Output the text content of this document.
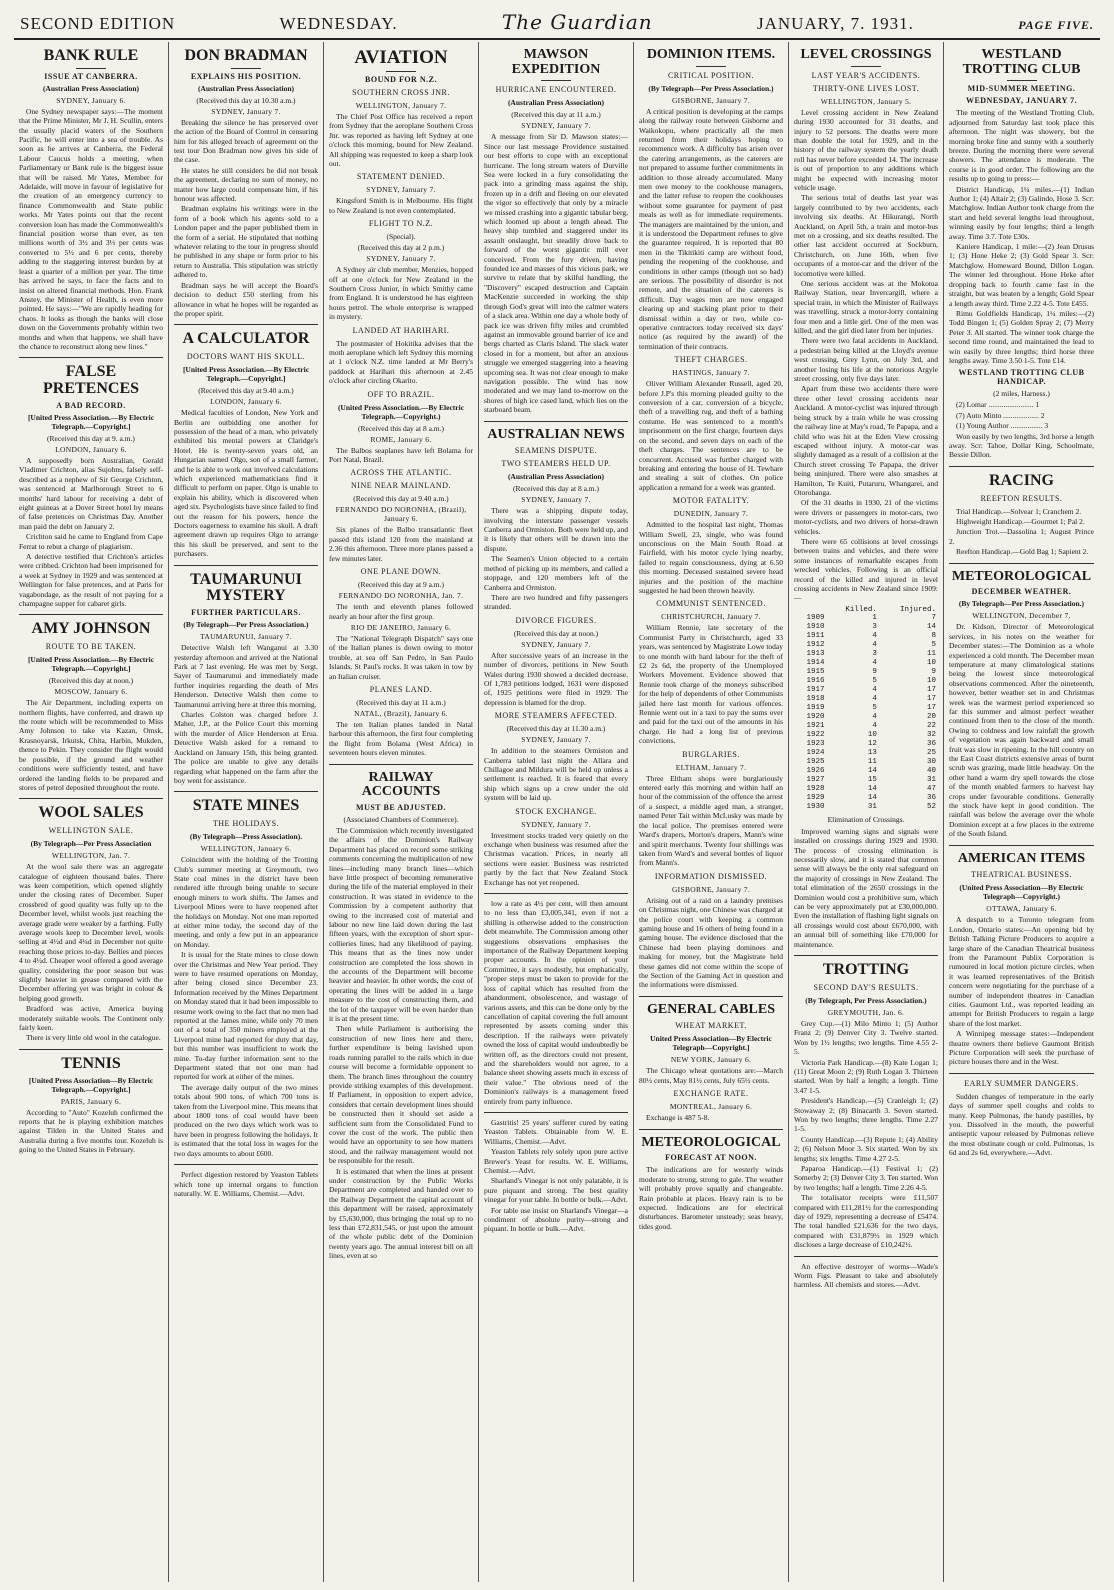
SECOND EDITION	WEDNESDAY.	The Guardian	JANUARY, 7. 1931.	PAGE FIVE.
BANK RULE
ISSUE AT CANBERRA.
(Australian Press Association)
SYDNEY, January 6.

One Sydney newspaper says:—The moment that the Prime Minister, Mr J. H. Scullin, enters the usually placid waters of the Southern Pacific, he will enter into a sea of trouble. As soon as he arrives at Canberra, the Federal Labour Caucus holds a meeting, when Parliamentary or Bank rule is the biggest issue that will be raised. Mr Yates, Member for Adelaide, will move in favour of legislative for the creation of an emergency currency to finance Commonwealth and State public works. Mr Yates points out that the recent conversion loan has made the Commonwealth's financial position worse than ever, as ten millions worth of 3½ and 3⅓ per cents was converted to 5½ and 6 per cents, thereby adding to the staggering interest burden by at least a quarter of a million per year. The time has arrived he says, to face the facts and to insist on altered financial methods. Hon. Frank Anstey, the Minister of Health, is even more pointed. He says:—"We are rapidly heading for chaos. It looks as though the banks will close down on the Governments probably within two months and when that happens, we shall have the chance to reconstruct along new lines."

FALSE PRETENCES
A BAD RECORD.
[United Press Association.—By Electric Telegraph.—Copyright.]
(Received this day at 9. a.m.)
LONDON, January 6.

A supposedly born Australian, Gerald Vladimer Crichton, alias Sujohns, falsely self-described as a nephew of Sir George Crichton, was sentenced at Marlborough Street to 6 months' hard labour for receiving a debt of eight guineas at a Dover Street hotel by means of false pretences on Christmas Day. Another man paid the debt on January 2.

Crichton said he came to England from Cape Ferrat to rebut a charge of plagiarism.

A detective testified that Crichton's articles were cribbed. Crichton had been imprisoned for a week at Sydney in 1929 and was sentenced at Wellington for false pretences, and at Paris for vagabondage, as the result of not paying for a champagne supper for cabaret girls.

AMY JOHNSON
ROUTE TO BE TAKEN.
[United Press Association.—By Electric Telegraph.—Copyright.]
(Received this day at noon.)
MOSCOW, January 6.

The Air Department, including experts on northern flights, have conferred, and drawn up the route which will be recommended to Miss Amy Johnson to take via Kazan, Omsk, Krasnoyarsk, Irkutsk, Chita, Harbin, Mukden, thence to Pekin. They consider the flight would be possible, if the ground and weather conditions were sufficiently tested, and have ordered the landing fields to be prepared and stores of petrol deposited throughout the route.

WOOL SALES
WELLINGTON SALE.
(By Telegraph—Per Press Association
WELLINGTON, Jan. 7.

At the wool sale there was an aggregate catalogue of eighteen thousand bales. There was keen competition, which opened slightly under the closing rates of December. Super crossbred of good quality was fully up to the December level, whilst wools just reaching the average grade were weaker by a farthing. Fully average wools keep to December level, wools selling at 4½d and 4¼d in December not quite reaching those prices to-day. Bellies and pieces 4 to 4½d. Cheaper wool offered a good average quality, considering the poor season but was slightly heavier in grease compared with the December offering yet was bright in colour & helping good growth.

Bradford was active, America buying moderately suitable wools. The Continent only fairly keen.

There is very little old wool in the catalogue.

TENNIS
[United Press Association—By Electric Telegraph.—Copyright.]
PARIS, January 6.

According to "Auto" Kozeluh confirmed the reports that he is playing exhibition matches against Tilden in the United States and Australia during a five months tour. Kozeluh is going to the United States in February.

DON BRADMAN
EXPLAINS HIS POSITION.
(Australian Press Association)
(Received this day at 10.30 a.m.)
SYDNEY, January 7.

Breaking the silence he has preserved over the action of the Board of Control in censuring him for his alleged breach of agreement on the test tour Don Bradman now gives his side of the case.

He states he still considers he did not break the agreement, declaring no sum of money, no matter how large could compensate him, if his honour was affected.

Bradman explains his writings were in the form of a book which his agents sold to a London paper and the paper published them in the form of a serial. He stipulated that nothing whatever relating to the tour in progress should be published in any shape or form prior to his return to Australia. This stipulation was strictly adhered to.

Bradman says he will accept the Board's decision to deduct £50 sterling from his allowance in what he hopes will be regarded as the proper spirit.

A CALCULATOR
DOCTORS WANT HIS SKULL.
[United Press Association.—By Electric Telegraph.—Copyright.]
(Received this day at 9.40 a.m.)
LONDON, January 6.

Medical faculties of London, New York and Berlin are outbidding one another for possession of the head of a man, who privately exhibited his mental powers at Claridge's Hotel. He is twenty-seven years old, an Hungarian named Olgo, son of a small farmer, and he is able to work out involved calculations which experienced mathematicians find it difficult to perform on paper. Olgo is unable to explain his ability, which is discovered when aged six. Psychologists have since failed to find out the reason for his powers, hence the Doctors eagerness to examine his skull. A draft agreement drawn up requires Olgo to arrange this his skull be preserved, and sent to the purchasers.

TAUMARUNUI MYSTERY
FURTHER PARTICULARS.
(By Telegraph—Per Press Association.)
TAUMARUNUI, January 7.

Detective Walsh left Wanganui at 3.30 yesterday afternoon and arrived at the National Park at 7 last evening. He was met by Sergt. Sayer of Taumarunui and immediately made further inquiries regarding the death of Mrs Henderson. Detective Walsh then come to Taumarunui arriving here at three this morning.

Charles Colston was charged before J. Maher, J.P., at the Police Court this morning with the murder of Alice Henderson at Erua. Detective Walsh asked for a remand to Auckland on January 15th, this being granted. The police are unable to give any details regarding what happened on the farm after the boy went for assistance.

STATE MINES
THE HOLIDAYS.
(By Telegraph—Press Association).
WELLINGTON, January 6.

Coincident with the holding of the Trotting Club's summer meeting at Greymouth, two State coal mines in the district have been rendered idle through being unable to secure enough miners to work shifts. The James and Liverpool Mines were to have reopened after the holidays on Monday. Not one man reported at either mine today, the second day of the meeting, and only a few put in an appearance on Monday.

It is usual for the State mines to close down over the Christmas and New Year period. They were to have resumed operations on Monday, after being closed since December 23. Information received by the Mines Department on Monday stated that it had been impossible to resume work owing to the fact that no men had reported at the James mine, while only 70 men out of a total of 350 miners employed at the Liverpool mine had reported for duty that day, but this number was insufficient to work the mine. To-day further information sent to the Department stated that not one man had reported for work at either of the mines.

The average daily output of the two mines totals about 900 tons, of which 700 tons is taken from the Liverpool mine. This means that about 1800 tons of coal would have been produced on the two days which work was to have been in progress following the holidays. It is estimated that the total loss in wages for the two days amounts to about £600.

Perfect digestion restored by Yeaston Tablets which tone up internal organs to function naturally. W. E. Williams, Chemist.—Advt.

AVIATION
BOUND FOR N.Z.
SOUTHERN CROSS JNR.
WELLINGTON, January 7.

The Chief Post Office has received a report from Sydney that the aeroplane Southern Cross Jnr. was reported as having left Sydney at one o'clock this morning, bound for New Zealand. All shipping was requested to keep a sharp look out.

STATEMENT DENIED.
SYDNEY, January 7.

Kingsford Smith is in Melbourne. His flight to New Zealand is not even contemplated.

FLIGHT TO N.Z.
(Special).
(Received this day at 2 p.m.)
SYDNEY, January 7.

A Sydney air club member, Menzies, hopped off at one o'clock for New Zealand in the Southern Cross Junior, in which Smithy came from England. It is understood he has eighteen hours petrol. The whole enterprise is wrapped in mystery.

LANDED AT HARIHARI.

The postmaster of Hokitika advises that the moth aeroplane which left Sydney this morning at 1 o'clock N.Z. time landed at Mr Berry's paddock at Harihari this afternoon at 2.45 o'clock after circling Okarito.

OFF TO BRAZIL.
(United Press Association.—By Electric Telegraph.—Copyright.)
(Received this day at 8 a.m.)
ROME, January 6.

The Balbos seaplanes have left Bolama for Port Natal, Brazil.

ACROSS THE ATLANTIC.
NINE NEAR MAINLAND.
(Received this day at 9.40 a.m.)
FERNANDO DO NORONHA, (Brazil), January 6.

Six planes of the Balbo transatlantic fleet passed this island 120 from the mainland at 2.36 this afternoon. Three more planes passed a few minutes later.

ONE PLANE DOWN.
(Received this day at 9 a.m.)
FERNANDO DO NORONHA, Jan. 7.

The tenth and eleventh planes followed nearly an hour after the first group.

RIO DE JANEIRO, January 6.

The "National Telegraph Dispatch" says one of the Italian planes is down owing to motor trouble, at sea off San Pedro, in San Paulo Islands, St Paul's rocks. It was taken in tow by an Italian cruiser.

PLANES LAND.
(Received this day at 11 a.m.)
NATAL, (Brazil), January 6.

The ten Italian planes landed in Natal harbour this afternoon, the first four completing the flight from Bolama (West Africa) in seventeen hours eleven minutes.

RAILWAY ACCOUNTS
MUST BE ADJUSTED.
(Associated Chambers of Commerce).

The Commission which recently investigated the affairs of the Dominion's Railway Department has placed on record some striking comments concerning the multiplication of new lines—including many branch lines—which have little prospect of becoming remunerative during the life of the material employed in their construction. It was stated in evidence to the Commission by a competent authority that owing to the increased cost of material and labour no new line laid down during the last fifteen years, with the exception of short spur-collieries lines, had any likelihood of paying. This means that as the lines now under construction are completed the loss shown in the accounts of the Department will become heavier and heavier. In other words, the cost of operating the lines will be added in a large measure to the cost of constructing them, and the lot of the taxpayer will be even harder than it is at the present time.

Then while Parliament is authorising the construction of new lines here and there, further expenditure is being lavished upon roads running parallel to the rails which in due course will become a formidable opponent to them. The branch lines throughout the country provide striking examples of this development. If Parliament, in opposition to expert advice, considers that certain development lines should be constructed then it should set aside a sufficient sum from the Consolidated Fund to cover the cost of the work. The public then would have an opportunity to see how matters stood, and the railway management would not be responsible for the result.

It is estimated that when the lines at present under construction by the Public Works Department are completed and handed over to the Railway Department the capital account of this department will be raised, approximately by £5,630,000, thus bringing the total up to no less than £72,831,545, or just upon the amount of the whole public debt of the Dominion twenty years ago. The annual interest bill on all lines, even at so

MAWSON EXPEDITION
HURRICANE ENCOUNTERED.
(Australian Press Association)
(Received this day at 11 a.m.)
SYDNEY, January 7.

A message from Sir D. Mawson states:—Since our last message Providence sustained our best efforts to cope with an exceptional hurricane. The long stream waters of Durville Sea were locked in a fury consolidating the pack into a grinding mass against the ship, frozen up in a drift and fleeing on our elevated the vigor so effectively that only by a miracle we missed crashing into a gigantic tabular berg, which loomed up about a length ahead. The heavy ship tumbled and staggered under its assault onslaught, but steadily drove back to forward of the worst gigantic mill ever conceived. From the fury driven, having founded ice and masses of this vicious park, we survive to relate that by skilful handling, the "Discovery" escaped destruction and Captain MacKenzie succeeded in working the ship through God's great will into the calmer waters of a slack area. Within one day a whole body of pack ice was driven fifty miles and crumbled against an immovable ground barrier of ice and bergs charted as Claris Island. The slack water closed in for a moment, but after an anxious struggle we emerged staggering into a heaving upcoming sea. It was not clear enough to make navigation possible. The wind has now moderated and we may land to-morrow on the shores of high ice cased land, which lies on the starboard beam.

AUSTRALIAN NEWS
SEAMENS DISPUTE.
TWO STEAMERS HELD UP.
(Australian Press Association)
(Received this day at 8 a.m.)
SYDNEY, January 7.

There was a shipping dispute today, involving the interstate passenger vessels Canberra and Ormiston. Both were held up, and it is likely that others will be drawn into the dispute.

The Seamen's Union objected to a certain method of picking up its members, and called a stoppage, and 120 members left of the Canberra and Ormiston.

There are two hundred and fifty passengers stranded.

DIVORCE FIGURES.
(Received this day at noon.)
SYDNEY, January 7.

After successive years of an increase in the number of divorces, petitions in New South Wales during 1930 showed a decided decrease. Of 1,783 petitions lodged, 1631 were disposed of, 1925 petitions were filed in 1929. The depression is blamed for the drop.

MORE STEAMERS AFFECTED.
(Received this day at 11.30 a.m.)
SYDNEY, January 7.

In addition to the steamers Ormiston and Canberra tabled last night the Allara and Chillagoe and Mildura will be held up unless a settlement is reached. It is feared that every ship which signs up a crew under the old system will be laid up.

STOCK EXCHANGE.
SYDNEY, January 7.

Investment stocks traded very quietly on the exchange when business was resumed after the Christmas vacation. Prices, in nearly all sections were easier. Business was restricted partly by the fact that New Zealand Stock Exchange has not yet reopened.

low a rate as 4½ per cent, will then amount to no less than £3,005,341, even if not a shilling is otherwise added to the construction debt meanwhile. The Commission among other suggestions observations emphasises the importance of the Railway Department keeping proper accounts. In the opinion of your Committee, it says modestly, but emphatically, "proper steps must be taken to provide for the loss of capital which has resulted from the abandonment, obsolescence, and wastage of various assets, and this can be done only by the cancellation of capital covering the full amount represented by assets coming under this description. If the railways were privately owned the loss of capital would undoubtedly be written off, as the directors could not present, and the shareholders would not agree, to a balance sheet showing assets much in excess of their value." The obvious need of the Dominion's railways is a management freed entirely from party influence.

Gastritis! 25 years' sufferer cured by eating Yeaston Tablets. Obtainable from W. E. Williams, Chemist.—Advt.

Yeaston Tablets rely solely upon pure active Brewer's Yeast for results. W. E. Williams, Chemist.—Advt.

Sharland's Vinegar is not only palatable, it is pure piquant and strong. The best quality vinegar for your table. In bottle or bulk.—Advt.

For table use insist on Sharland's Vinegar—a condiment of absolute purity—strong and piquant. In bottle or bulk.—Advt.

DOMINION ITEMS.
CRITICAL POSITION.
(By Telegraph—Per Press Association.)
GISBORNE, January 7.

A critical position is developing at the camps along the railway route between Gisborne and Waikokopu, where practically all the men returned from their holidays hoping to recommence work. A difficulty has arisen over the catering arrangements, as the caterers are not prepared to assume further commitments in addition to those already accumulated. Many men owe money to the cookhouse managers, and the latter refuse to reopen the cookhouses without some guarantee for payment of past meals as well as for immediate requirements. The managers are maintained by the union, and it is understood the Department refuses to give the guarantee required. It is reported that 80 men in the Tikitikiti camp are without food, pending the reopening of the cookhouse, and conditions in other camps (though not so bad) are serious. The possibility of disorder is not remote, and the situation of the caterers is difficult. Day wages men are now engaged clearing up and stacking plant prior to their dismissal within a day or two, while co-operative contractors today received six days' notice (as required by the award) of the termination of their contracts.

THEFT CHARGES.
HASTINGS, January 7.

Oliver William Alexander Russell, aged 20, before J.P's this morning pleaded guilty to the conversion of a car, conversion of a bicycle, theft of a travelling rug, and theft of a bathing costume. He was sentenced to a month's imprisonment on the first charge, fourteen days on the second, and seven days on each of the theft charges. The sentences are to be concurrent. Accused was further charged with breaking and entering the house of H. Tewhare and stealing a suit of clothes. On police application a remand for a week was granted.

MOTOR FATALITY.
DUNEDIN, January 7.

Admitted to the hospital last night, Thomas William Swell, 23, single, who was found unconscious on the Main South Road at Fairfield, with his motor cycle lying nearby, failed to regain consciousness, dying at 6.50 this morning. Deceased sustained severe head injuries and the position of the machine suggested he had been thrown heavily.

COMMUNIST SENTENCED.
CHRISTCHURCH, January 7.

William Rennie, late secretary of the Communist Party in Christchurch, aged 33 years, was sentenced by Magistrate Lowe today to one month with hard labour for the theft of £2 2s 6d, the property of the Unemployed Workers Movement. Evidence showed that Rennie took charge of the moneys subscribed for the help of dependents of other Communists jailed here last month for various offences. Rennie went out in a taxi to pay the sums over and paid for the taxi out of the amounts in his charge. He had a long list of previous convictions.

BURGLARIES.
ELTHAM, January 7.

Three Eltham shops were burglariously entered early this morning and within half an hour of the commission of the offence the arrest of a suspect, a middle aged man, a stranger, named Peter Tait within McLusky was made by the local police. The premises entered were Ward's drapers, Morton's drapers, Mann's wine and spirit merchants. Twenty four shillings was taken from Ward's and several bottles of liquor from Mann's.

INFORMATION DISMISSED.
GISBORNE, January 7.

Arising out of a raid on a laundry premises on Christmas night, one Chinese was charged at the police court with keeping a common gaming house and 16 others of being found in a gaming house. The evidence disclosed that the Chinese had been playing dominoes and making for money, but the Magistrate held these games did not come within the scope of the Section of the Gaming Act in question and the informations were dismissed.

GENERAL CABLES
WHEAT MARKET.
United Press Association—By Electric Telegraph—Copyright.]
NEW YORK, January 6.

The Chicago wheat quotations are:—March 80½ cents, May 81½ cents, July 65½ cents.

EXCHANGE RATE.
MONTREAL, January 6.

Exchange is 487 5-8.

METEOROLOGICAL
FORECAST AT NOON.

The indications are for westerly winds moderate to strong, strong to gale. The weather will probably prove squally and changeable. Rain probable at places. Heavy rain is to be expected. Indications are for electrical disturbances. Barometer unsteady; seas heavy, tides good.

LEVEL CROSSINGS
LAST YEAR'S ACCIDENTS.
THIRTY-ONE LIVES LOST.
WELLINGTON, January 5.

Level crossing accident in New Zealand during 1930 accounted for 31 deaths, and injury to 52 persons. The deaths were more than double the total for 1929, and in the history of the railway system the yearly death roll has never before exceeded 14. The increase is out of proportion to any additions which might be expected with increasing motor vehicle usage.

The serious total of deaths last year was largely contributed to by two accidents, each involving six deaths. At Hikurangi, North Auckland, on April 5th, a train and motor-bus met on a crossing, and six deaths resulted. The other last accident occurred at Sockburn, Christchurch, on June 16th, when five occupants of a motor-car and the driver of the locomotive were killed.

One serious accident was at the Mokotua Railway Station, near Invercargill, where a special train, in which the Minister of Railways was travelling, struck a motor-lorry containing four men and a little girl. One of the men was killed, and the girl died later from her injuries.

There were two fatal accidents in Auckland, a pedestrian being killed at the Lloyd's avenue west crossing, Grey Lynn, on July 3rd, and another losing his life at the notorious Argyle street crossing, only five days later.

Apart from these two accidents there were three other level crossing accidents near Auckland. A motor-cyclist was injured through being struck by a train while he was crossing the railway line at May's road, Te Papapa, and a child who was hit at the Eden View crossing escaped without injury. A motor-car was slightly damaged as a result of a collision at the Church street crossing Te Papapa, the driver being uninjured. There were also smashes at Hamilton, Te Kuiti, Putaruru, Whangarei, and Otorohanga.

Of the 31 deaths in 1930, 21 of the victims were drivers or passengers in motor-cars, two motor-cyclists, and two drivers of horse-drawn vehicles.

There were 65 collisions at level crossings between trains and vehicles, and there were some instances of remarkable escapes from wrecked vehicles. Following is an official record of the killed and injured in level crossing accidents in New Zealand since 1909:—

	Killed.	Injured.
1909	1	7
1910	3	14
1911	4	8
1912	4	5
1913	3	11
1914	4	10
1915	9	9
1916	5	10
1917	4	17
1918	4	17
1919	5	17
1920	4	20
1921	4	22
1922	10	32
1923	12	36
1924	13	25
1925	11	30
1926	14	40
1927	15	31
1928	14	47
1929	14	36
1930	31	52
Elimination of Crossings.

Improved warning signs and signals were installed on crossings during 1929 and 1930. The process of crossing elimination is necessarily slow, and it is stated that common sense will always be the only real safeguard on the majority of crossings in New Zealand. The total elimination of the 2650 crossings in the Dominion would cost a prohibitive sum, which can be very approximately put at £30,000,000. Even the installation of flashing light signals on all crossings would cost about £670,000, with an annual bill of something like £70,000 for maintenance.

TROTTING
SECOND DAY'S RESULTS.
(By Telegraph, Per Press Association.)
GREYMOUTH, Jan. 6.

Grey Cup.—(1) Milo Minto 1; (5) Author Franz 2; (9) Denver City 3. Twelve started. Won by 1½ lengths; two lengths. Time 4.55 2-5.

Victoria Park Handicap.—(8) Kate Logan 1; (11) Great Moon 2; (9) Ruth Logan 3. Thirteen started. Won by half a length; a length. Time 3.47 1-5.

President's Handicap.—(5) Cranleigh 1; (2) Stowaway 2; (8) Binacarth 3. Seven started. Won by two lengths; three lengths. Time 2.27 1-5.

County Handicap.—(3) Repute 1; (4) Ability 2; (6) Nelson Moor 3. Six started. Won by six lengths; six lengths. Time 4.27 2-5.

Paparoa Handicap.—(1) Festival 1; (2) Somerby 2; (3) Denver City 3. Ten started. Won by two lengths; half a length. Time 2.26 4-5.

The totalisator receipts were £11,507 compared with £11,281½ for the corresponding day of 1929, representing a decrease of £5474. The total handled £21,636 for the two days, compared with £31,879½ in 1929 which discloses a large decrease of £10,242½.

An effective destroyer of worms—Wade's Worm Figs. Pleasant to take and absolutely harmless. All chemists and stores.—Advt.

WESTLAND TROTTING CLUB
MID-SUMMER MEETING.
WEDNESDAY, JANUARY 7.

The meeting of the Westland Trotting Club, adjourned from Saturday last took place this afternoon. The night was showery, but the morning broke fine and sunny with a southerly breeze. During the morning there were several showers. The attendance is moderate. The course is in good order. The following are the results up to going to press:—

District Handicap, 1¼ miles.—(1) Indian Author 1; (4) Altair 2; (3) Galindo, Hose 3. Scr: Matchglow. Indian Author took charge from the start and held several lengths lead throughout, winning easily by four lengths; third a length away. Time 3.7. Tote £30s.

Kaniere Handicap, 1 mile:—(2) Jean Drusus 1; (3) Hone Heke 2; (3) Gold Spear 3. Scr: Matchglow. Homeward Bound, Dillon Logan. The winner led throughout. Hone Heke after dropping back to fourth came fast in the straight, but was beaten by a length; Gold Spear a length away third. Time 2.22 4-5. Tote £455.

Rimu Goldfields Handicap, 1¼ miles:—(2) Todd Bingen 1; (5) Golden Spray 2; (7) Merry Peter 3. All started. The winner took charge the second time round, and maintained the lead to win easily by three lengths; third horse three lengths away. Time 3.50 1-5. Tote £14.

WESTLAND TROTTING CLUB HANDICAP.
(2 miles, Harness.)

(2) Lomar ........................ 1

(7) Auto Minto ................... 2

(1) Young Author ................. 3

Won easily by two lengths, 3rd horse a length away. Scr: Tahoe, Dollar King, Schoolmate, Bessie Dillon.

RACING
REEFTON RESULTS.

Trial Handicap.—Solvear 1; Cranchem 2.

Highweight Handicap.—Gourmet 1; Pal 2.

Junction Trot.—Dassolina 1; August Prince 2.

Reefton Handicap.—Gold Bag 1; Sapient 2.

METEOROLOGICAL
DECEMBER WEATHER.
(By Telegraph—Per Press Association.)
WELLINGTON, December 7.

Dr. Kidson, Director of Meteorological services, in his notes on the weather for December states:—The Dominion as a whole experienced a cold month. The December mean temperature at many climatological stations being the lowest since meteorological observations commenced. After the nineteenth, however, better weather set in and Christmas week was the warmest period experienced so far this summer and almost perfect weather continued from then to the close of the month. Owing to coldness and low rainfall the growth of vegetation was again backward and small fruit was slow in ripening. In the hill country on the East Coast districts extensive areas of burnt scrub was grazing, made little headway. On the other hand a warm dry spell towards the close of the month enabled farmers to harvest hay crops under favourable conditions. Generally the stock have kept in good condition. The rainfall was below the average over the whole Dominion except at a few places in the extreme of the South Island.

AMERICAN ITEMS
THEATRICAL BUSINESS.
(United Press Association—By Electric Telegraph—Copyright.)
OTTAWA, January 6.

A despatch to a Toronto telegram from London, Ontario states:—An opening bid by British Talking Picture Producers to acquire a large share of the Canadian Theatrical business from the Paramount Publix Corporation is rumoured in local motion picture circles, when it was learned representatives of the British concern were negotiating for the purchase of a number of independent theatres in Canadian cities. Gaumont Ltd., was reported leading an attempt for British Producers to regain a large share of the lost market.

A Winnipeg message states:—Independent theatre owners there believe Gaumont British Picture Corporation will seek the purchase of picture houses there and in the West.

EARLY SUMMER DANGERS.

Sudden changes of temperature in the early days of summer spell coughs and colds to many. Keep Pulmonas, the handy pastilles, by you. Dissolved in the mouth, the powerful antiseptic vapour released by Pulmonas relieve the most obstinate cough or cold. Pulmonas, 1s 6d and 2s 6d, everywhere.—Advt.
